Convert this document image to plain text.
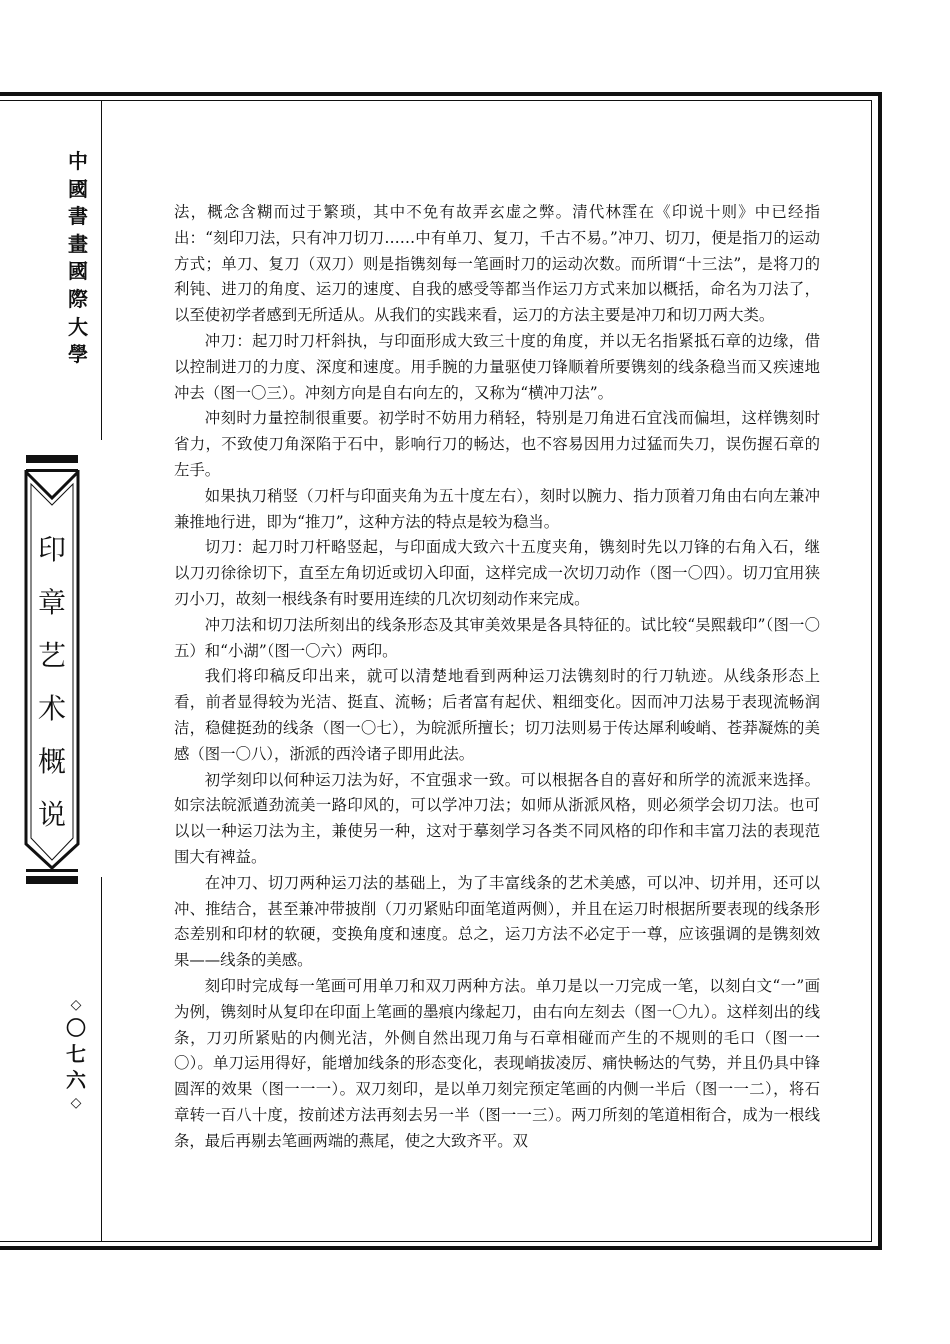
中
國
書
畫
國
際
大
學
印
章
艺
术
概
说
◇
〇
七
六
◇

法，概念含糊而过于繁琐，其中不免有故弄玄虚之弊。清代林霔在《印说十则》中已经指出：“刻印刀法，只有冲刀切刀……中有单刀、复刀，千古不易。”冲刀、切刀，便是指刀的运动方式；单刀、复刀（双刀）则是指镌刻每一笔画时刀的运动次数。而所谓“十三法”，是将刀的利钝、进刀的角度、运刀的速度、自我的感受等都当作运刀方式来加以概括，命名为刀法了，以至使初学者感到无所适从。从我们的实践来看，运刀的方法主要是冲刀和切刀两大类。

冲刀：起刀时刀杆斜执，与印面形成大致三十度的角度，并以无名指紧抵石章的边缘，借以控制进刀的力度、深度和速度。用手腕的力量驱使刀锋顺着所要镌刻的线条稳当而又疾速地冲去（图一〇三）。冲刻方向是自右向左的，又称为“横冲刀法”。

冲刻时力量控制很重要。初学时不妨用力稍轻，特别是刀角进石宜浅而偏坦，这样镌刻时省力，不致使刀角深陷于石中，影响行刀的畅达，也不容易因用力过猛而失刀，误伤握石章的左手。

如果执刀稍竖（刀杆与印面夹角为五十度左右），刻时以腕力、指力顶着刀角由右向左兼冲兼推地行进，即为“推刀”，这种方法的特点是较为稳当。

切刀：起刀时刀杆略竖起，与印面成大致六十五度夹角，镌刻时先以刀锋的右角入石，继以刀刃徐徐切下，直至左角切近或切入印面，这样完成一次切刀动作（图一〇四）。切刀宜用狭刃小刀，故刻一根线条有时要用连续的几次切刻动作来完成。

冲刀法和切刀法所刻出的线条形态及其审美效果是各具特征的。试比较“吴熙载印”（图一〇五）和“小湖”（图一〇六）两印。

我们将印稿反印出来，就可以清楚地看到两种运刀法镌刻时的行刀轨迹。从线条形态上看，前者显得较为光洁、挺直、流畅；后者富有起伏、粗细变化。因而冲刀法易于表现流畅润洁，稳健挺劲的线条（图一〇七），为皖派所擅长；切刀法则易于传达犀利峻峭、苍莽凝炼的美感（图一〇八），浙派的西泠诸子即用此法。

初学刻印以何种运刀法为好，不宜强求一致。可以根据各自的喜好和所学的流派来选择。如宗法皖派遒劲流美一路印风的，可以学冲刀法；如师从浙派风格，则必须学会切刀法。也可以以一种运刀法为主，兼使另一种，这对于摹刻学习各类不同风格的印作和丰富刀法的表现范围大有裨益。

在冲刀、切刀两种运刀法的基础上，为了丰富线条的艺术美感，可以冲、切并用，还可以冲、推结合，甚至兼冲带披削（刀刃紧贴印面笔道两侧），并且在运刀时根据所要表现的线条形态差别和印材的软硬，变换角度和速度。总之，运刀方法不必定于一尊，应该强调的是镌刻效果——线条的美感。

刻印时完成每一笔画可用单刀和双刀两种方法。单刀是以一刀完成一笔，以刻白文“一”画为例，镌刻时从复印在印面上笔画的墨痕内缘起刀，由右向左刻去（图一〇九）。这样刻出的线条，刀刃所紧贴的内侧光洁，外侧自然出现刀角与石章相碰而产生的不规则的毛口（图一一〇）。单刀运用得好，能增加线条的形态变化，表现峭拔凌厉、痛快畅达的气势，并且仍具中锋圆浑的效果（图一一一）。双刀刻印，是以单刀刻完预定笔画的内侧一半后（图一一二），将石章转一百八十度，按前述方法再刻去另一半（图一一三）。两刀所刻的笔道相衔合，成为一根线条，最后再剔去笔画两端的燕尾，使之大致齐平。双
